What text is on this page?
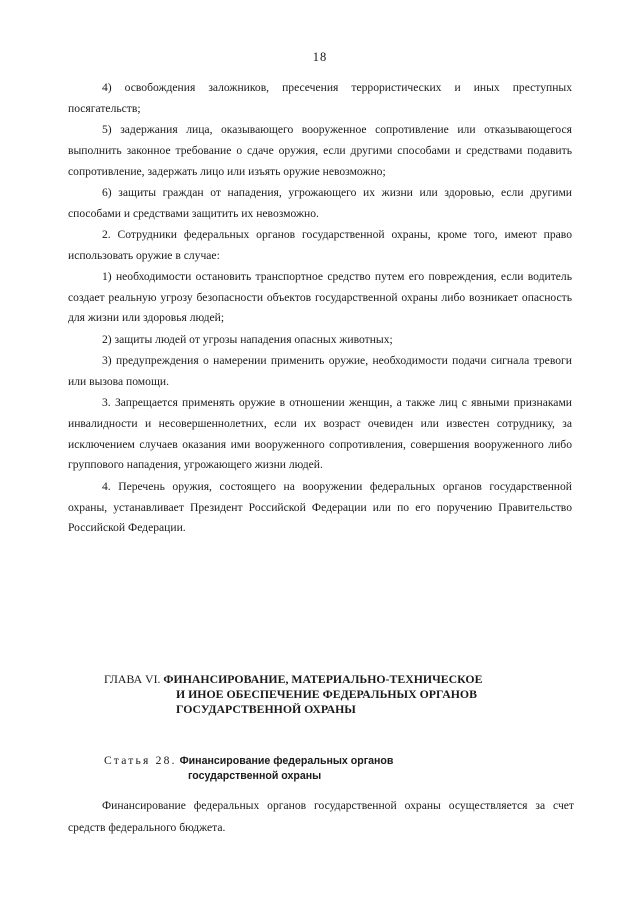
18

4) освобождения заложников, пресечения террористических и иных преступных посягательств;

5) задержания лица, оказывающего вооруженное сопротивление или отказывающегося выполнить законное требование о сдаче оружия, если другими способами и средствами подавить сопротивление, задержать лицо или изъять оружие невозможно;

6) защиты граждан от нападения, угрожающего их жизни или здоровью, если другими способами и средствами защитить их невозможно.

2. Сотрудники федеральных органов государственной охраны, кроме того, имеют право использовать оружие в случае:

1) необходимости остановить транспортное средство путем его повреждения, если водитель создает реальную угрозу безопасности объектов государственной охраны либо возникает опасность для жизни или здоровья людей;

2) защиты людей от угрозы нападения опасных животных;

3) предупреждения о намерении применить оружие, необходимости подачи сигнала тревоги или вызова помощи.

3. Запрещается применять оружие в отношении женщин, а также лиц с явными признаками инвалидности и несовершеннолетних, если их возраст очевиден или известен сотруднику, за исключением случаев оказания ими вооруженного сопротивления, совершения вооруженного либо группового нападения, угрожающего жизни людей.

4. Перечень оружия, состоящего на вооружении федеральных органов государственной охраны, устанавливает Президент Российской Федерации или по его поручению Правительство Российской Федерации.

ГЛАВА VI. ФИНАНСИРОВАНИЕ, МАТЕРИАЛЬНО-ТЕХНИЧЕСКОЕ
И ИНОЕ ОБЕСПЕЧЕНИЕ ФЕДЕРАЛЬНЫХ ОРГАНОВ
ГОСУДАРСТВЕННОЙ ОХРАНЫ
Статья 28. Финансирование федеральных органов
государственной охраны

Финансирование федеральных органов государственной охраны осуществляется за счет средств федерального бюджета.
